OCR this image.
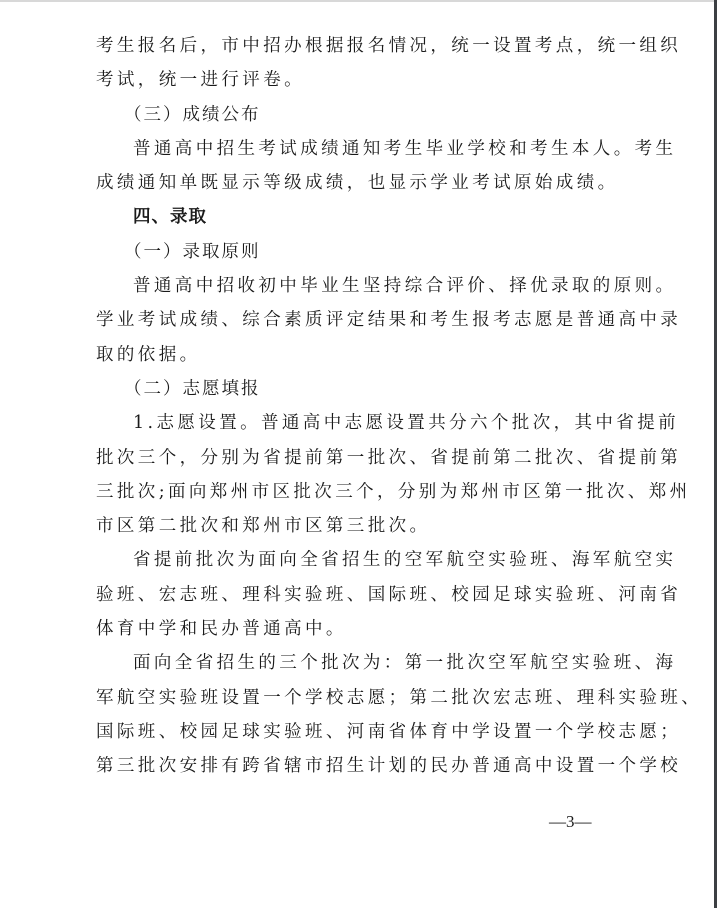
考生报名后，市中招办根据报名情况，统一设置考点，统一组织
考试，统一进行评卷。
（三）成绩公布
普通高中招生考试成绩通知考生毕业学校和考生本人。考生
成绩通知单既显示等级成绩，也显示学业考试原始成绩。
四、录取
（一）录取原则
普通高中招收初中毕业生坚持综合评价、择优录取的原则。
学业考试成绩、综合素质评定结果和考生报考志愿是普通高中录
取的依据。
（二）志愿填报
1.志愿设置。普通高中志愿设置共分六个批次，其中省提前
批次三个，分别为省提前第一批次、省提前第二批次、省提前第
三批次;面向郑州市区批次三个，分别为郑州市区第一批次、郑州
市区第二批次和郑州市区第三批次。
省提前批次为面向全省招生的空军航空实验班、海军航空实
验班、宏志班、理科实验班、国际班、校园足球实验班、河南省
体育中学和民办普通高中。
面向全省招生的三个批次为：第一批次空军航空实验班、海
军航空实验班设置一个学校志愿；第二批次宏志班、理科实验班、
国际班、校园足球实验班、河南省体育中学设置一个学校志愿；
第三批次安排有跨省辖市招生计划的民办普通高中设置一个学校
—3—
